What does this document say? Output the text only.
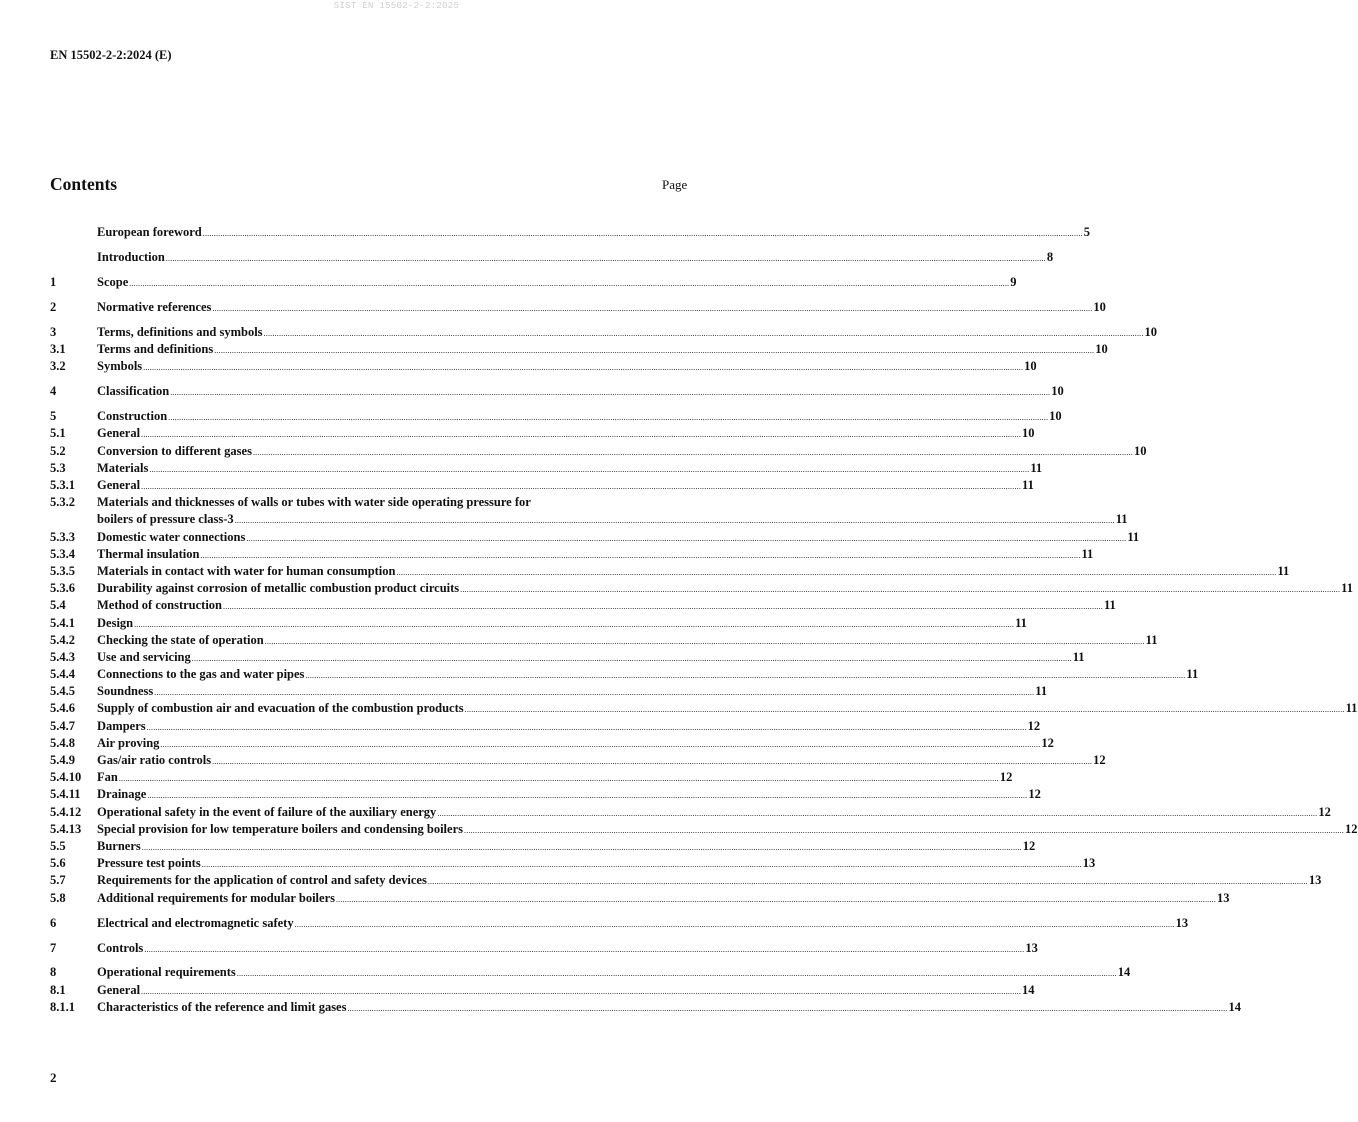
SIST EN 15502-2-2:2025
EN 15502-2-2:2024 (E)
Contents	Page
European foreword ................................................................................................................................................................................................................................................................................................................................................................................................................ 5
Introduction ................................................................................................................................................................................................................................................................................................................................................................................................................ 8
1	Scope ................................................................................................................................................................................................................................................................................................................................................................................................................ 9
2	Normative references ................................................................................................................................................................................................................................................................................................................................................................................................................ 10
3	Terms, definitions and symbols ................................................................................................................................................................................................................................................................................................................................................................................................................ 10
3.1	Terms and definitions ................................................................................................................................................................................................................................................................................................................................................................................................................ 10
3.2	Symbols ................................................................................................................................................................................................................................................................................................................................................................................................................ 10
4	Classification ................................................................................................................................................................................................................................................................................................................................................................................................................ 10
5	Construction ................................................................................................................................................................................................................................................................................................................................................................................................................ 10
5.1	General ................................................................................................................................................................................................................................................................................................................................................................................................................ 10
5.2	Conversion to different gases ................................................................................................................................................................................................................................................................................................................................................................................................................ 10
5.3	Materials ................................................................................................................................................................................................................................................................................................................................................................................................................ 11
5.3.1	General ................................................................................................................................................................................................................................................................................................................................................................................................................ 11
5.3.2	Materials and thicknesses of walls or tubes with water side operating pressure for
boilers of pressure class-3 ................................................................................................................................................................................................................................................................................................................................................................................................................ 11
5.3.3	Domestic water connections ................................................................................................................................................................................................................................................................................................................................................................................................................ 11
5.3.4	Thermal insulation ................................................................................................................................................................................................................................................................................................................................................................................................................ 11
5.3.5	Materials in contact with water for human consumption ................................................................................................................................................................................................................................................................................................................................................................................................................ 11
5.3.6	Durability against corrosion of metallic combustion product circuits ................................................................................................................................................................................................................................................................................................................................................................................................................ 11
5.4	Method of construction ................................................................................................................................................................................................................................................................................................................................................................................................................ 11
5.4.1	Design ................................................................................................................................................................................................................................................................................................................................................................................................................ 11
5.4.2	Checking the state of operation ................................................................................................................................................................................................................................................................................................................................................................................................................ 11
5.4.3	Use and servicing ................................................................................................................................................................................................................................................................................................................................................................................................................ 11
5.4.4	Connections to the gas and water pipes ................................................................................................................................................................................................................................................................................................................................................................................................................ 11
5.4.5	Soundness ................................................................................................................................................................................................................................................................................................................................................................................................................ 11
5.4.6	Supply of combustion air and evacuation of the combustion products ................................................................................................................................................................................................................................................................................................................................................................................................................ 11
5.4.7	Dampers ................................................................................................................................................................................................................................................................................................................................................................................................................ 12
5.4.8	Air proving ................................................................................................................................................................................................................................................................................................................................................................................................................ 12
5.4.9	Gas/air ratio controls ................................................................................................................................................................................................................................................................................................................................................................................................................ 12
5.4.10	Fan ................................................................................................................................................................................................................................................................................................................................................................................................................ 12
5.4.11	Drainage ................................................................................................................................................................................................................................................................................................................................................................................................................ 12
5.4.12	Operational safety in the event of failure of the auxiliary energy ................................................................................................................................................................................................................................................................................................................................................................................................................ 12
5.4.13	Special provision for low temperature boilers and condensing boilers ................................................................................................................................................................................................................................................................................................................................................................................................................ 12
5.5	Burners ................................................................................................................................................................................................................................................................................................................................................................................................................ 12
5.6	Pressure test points ................................................................................................................................................................................................................................................................................................................................................................................................................ 13
5.7	Requirements for the application of control and safety devices ................................................................................................................................................................................................................................................................................................................................................................................................................ 13
5.8	Additional requirements for modular boilers ................................................................................................................................................................................................................................................................................................................................................................................................................ 13
6	Electrical and electromagnetic safety ................................................................................................................................................................................................................................................................................................................................................................................................................ 13
7	Controls ................................................................................................................................................................................................................................................................................................................................................................................................................ 13
8	Operational requirements ................................................................................................................................................................................................................................................................................................................................................................................................................ 14
8.1	General ................................................................................................................................................................................................................................................................................................................................................................................................................ 14
8.1.1	Characteristics of the reference and limit gases ................................................................................................................................................................................................................................................................................................................................................................................................................ 14
2
